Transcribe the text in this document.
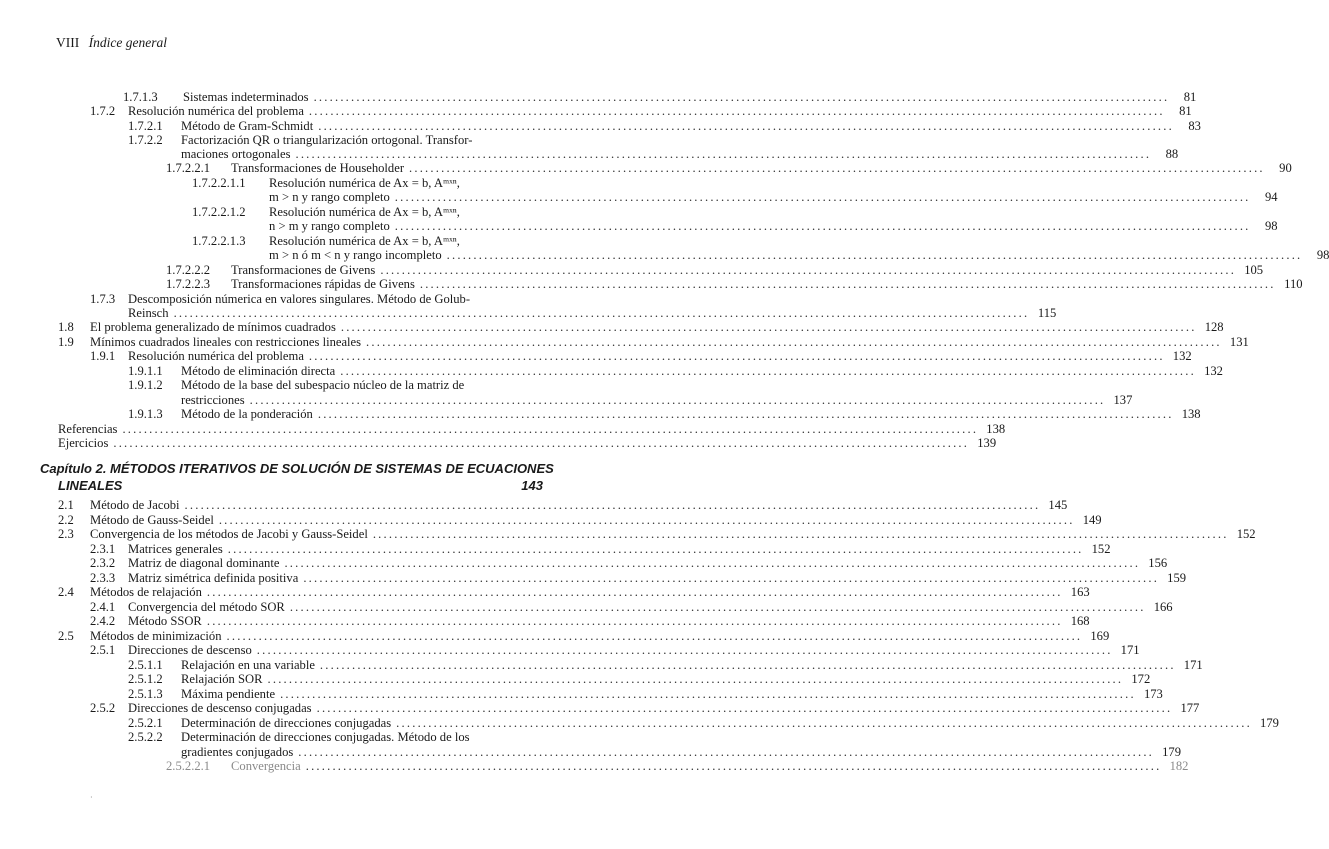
VIII Índice general
1.7.1.3	Sistemas indeterminados ................................................................................................................................................................	81
1.7.2	Resolución numérica del problema ................................................................................................................................................................	81
1.7.2.1	Método de Gram-Schmidt ................................................................................................................................................................	83
1.7.2.2	Factorización QR o triangularización ortogonal. Transfor-
maciones ortogonales ................................................................................................................................................................	88
1.7.2.2.1	Transformaciones de Householder ................................................................................................................................................................	90
1.7.2.2.1.1	Resolución numérica de Ax = b, Aᵐˣⁿ,
m > n y rango completo ................................................................................................................................................................	94
1.7.2.2.1.2	Resolución numérica de Ax = b, Aᵐˣⁿ,
n > m y rango completo ................................................................................................................................................................	98
1.7.2.2.1.3	Resolución numérica de Ax = b, Aᵐˣⁿ,
m > n ó m < n y rango incompleto ................................................................................................................................................................	98
1.7.2.2.2	Transformaciones de Givens ................................................................................................................................................................ 105
1.7.2.2.3	Transformaciones rápidas de Givens ................................................................................................................................................................ 110
1.7.3	Descomposición númerica en valores singulares. Método de Golub-
Reinsch ................................................................................................................................................................ 115
1.8	El problema generalizado de mínimos cuadrados ................................................................................................................................................................ 128
1.9	Mínimos cuadrados lineales con restricciones lineales ................................................................................................................................................................ 131
1.9.1	Resolución numérica del problema ................................................................................................................................................................ 132
1.9.1.1	Método de eliminación directa ................................................................................................................................................................ 132
1.9.1.2	Método de la base del subespacio núcleo de la matriz de
restricciones ................................................................................................................................................................ 137
1.9.1.3	Método de la ponderación ................................................................................................................................................................ 138
Referencias ................................................................................................................................................................ 138
Ejercicios ................................................................................................................................................................ 139
Capítulo 2. MÉTODOS ITERATIVOS DE SOLUCIÓN DE SISTEMAS DE ECUACIONES
LINEALES	143
2.1	Método de Jacobi ................................................................................................................................................................ 145
2.2	Método de Gauss-Seidel ................................................................................................................................................................ 149
2.3	Convergencia de los métodos de Jacobi y Gauss-Seidel ................................................................................................................................................................ 152
2.3.1	Matrices generales ................................................................................................................................................................ 152
2.3.2	Matriz de diagonal dominante ................................................................................................................................................................ 156
2.3.3	Matriz simétrica definida positiva ................................................................................................................................................................ 159
2.4	Métodos de relajación ................................................................................................................................................................ 163
2.4.1	Convergencia del método SOR ................................................................................................................................................................ 166
2.4.2	Método SSOR ................................................................................................................................................................ 168
2.5	Métodos de minimización ................................................................................................................................................................ 169
2.5.1	Direcciones de descenso ................................................................................................................................................................ 171
2.5.1.1	Relajación en una variable ................................................................................................................................................................ 171
2.5.1.2	Relajación SOR ................................................................................................................................................................ 172
2.5.1.3	Máxima pendiente ................................................................................................................................................................ 173
2.5.2	Direcciones de descenso conjugadas ................................................................................................................................................................ 177
2.5.2.1	Determinación de direcciones conjugadas ................................................................................................................................................................ 179
2.5.2.2	Determinación de direcciones conjugadas. Método de los
gradientes conjugados ................................................................................................................................................................ 179
2.5.2.2.1	Convergencia ................................................................................................................................................................ 182
·
